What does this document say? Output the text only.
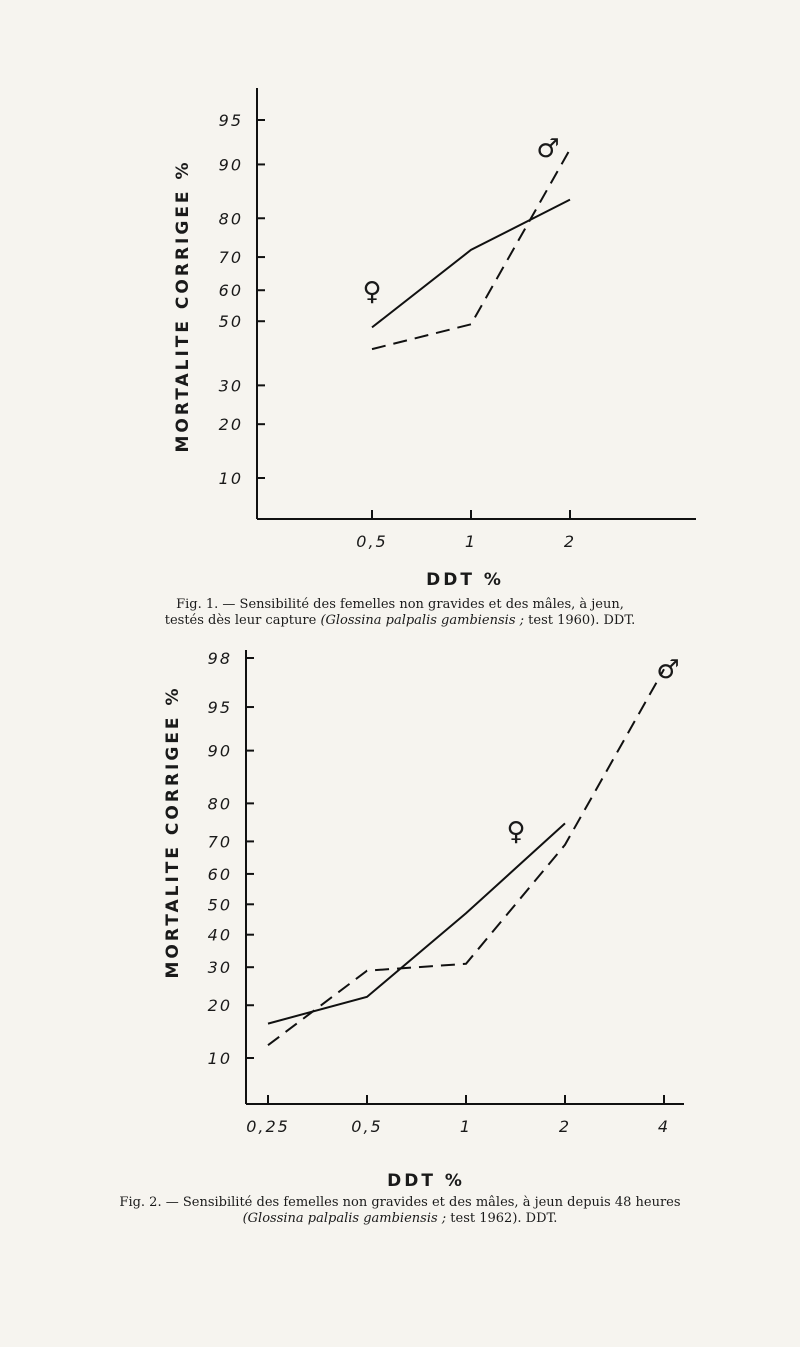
10
20
30
50
60
70
80
90
95
0,5	1	2
MORTALITE CORRIGEE %
DDT %
♀
♂
Fig. 1. — Sensibilité des femelles non gravides et des mâles, à jeun,
testés dès leur capture (Glossina palpalis gambiensis ; test 1960). DDT.
10
20
30
40
50
60
70
80
90
95
98
0,25	0,5	1	2	4
MORTALITE CORRIGEE %
DDT %
♀
♂
Fig. 2. — Sensibilité des femelles non gravides et des mâles, à jeun depuis 48 heures
(Glossina palpalis gambiensis ; test 1962). DDT.
